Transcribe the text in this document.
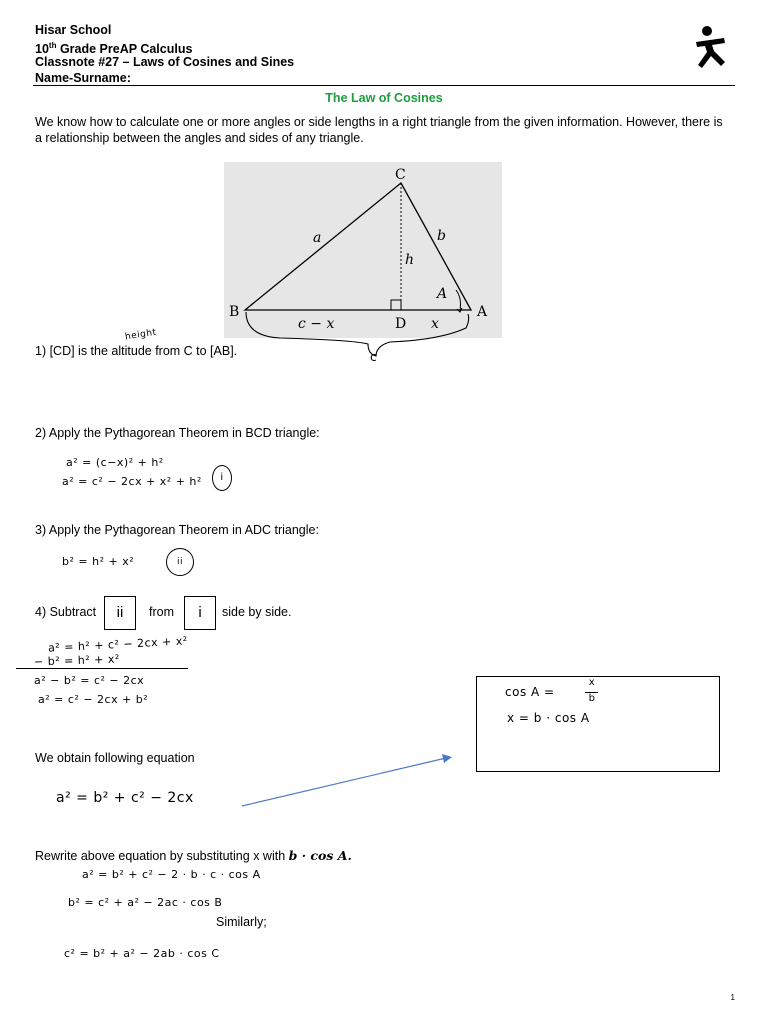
Hisar School
10th Grade PreAP Calculus
Classnote #27 – Laws of Cosines and Sines
Name-Surname:
The Law of Cosines
We know how to calculate one or more angles or side lengths in a right triangle from the given information. However, there is a relationship between the angles and sides of any triangle.
C
B	A
D
a	b
h
A
c − x	x
c
height
1) [CD] is the altitude from C to [AB].
2) Apply the Pythagorean Theorem in BCD triangle:
a² = (c−x)² + h²
a² = c² − 2cx + x² + h²	i
3) Apply the Pythagorean Theorem in ADC triangle:
b² = h² + x²	ii
4) Subtract	ii	from	i	side by side.
a² = h² + c² − 2cx + x²
− b² = h² + x²
a² − b² = c² − 2cx
a² = c² − 2cx + b²
cos A =
x
b
x = b · cos A
We obtain following equation
a² = b² + c² − 2cx
Rewrite above equation by substituting x with b · cos A.
a² = b² + c² − 2 · b · c · cos A
b² = c² + a² − 2ac · cos B
Similarly;
c² = b² + a² − 2ab · cos C
1
